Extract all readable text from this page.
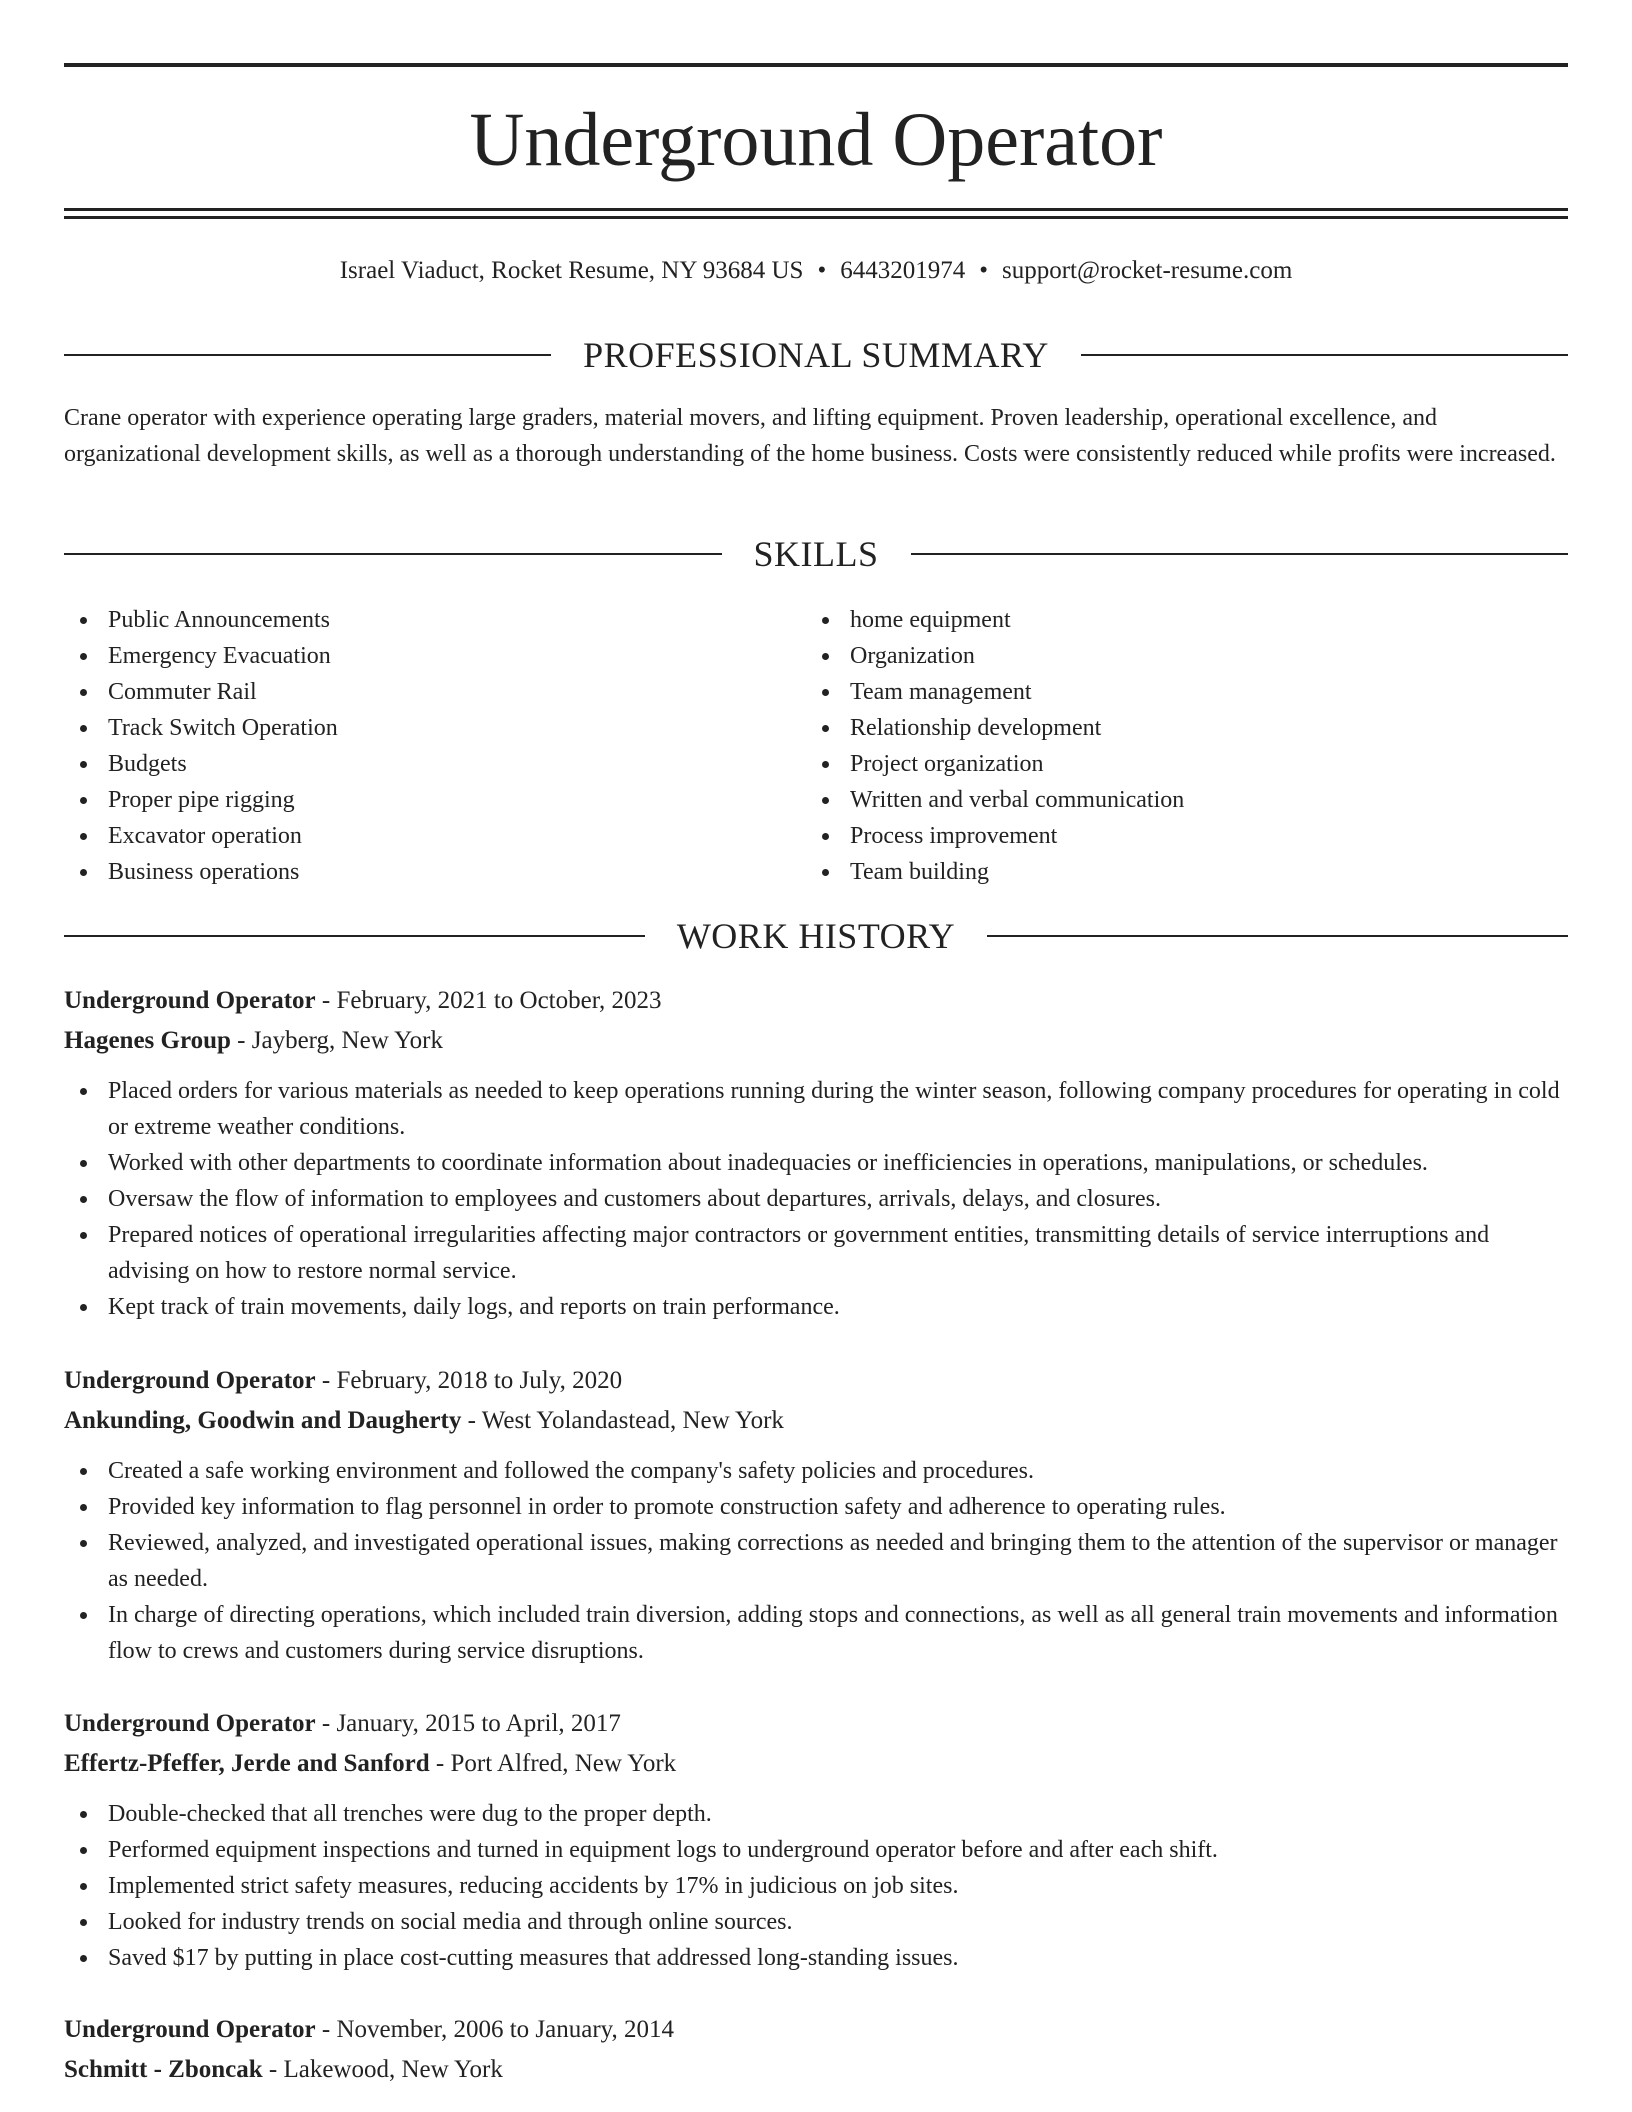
Underground Operator
Israel Viaduct, Rocket Resume, NY 93684 US • 6443201974 • support@rocket-resume.com
PROFESSIONAL SUMMARY

Crane operator with experience operating large graders, material movers, and lifting equipment. Proven leadership, operational excellence, and organizational development skills, as well as a thorough understanding of the home business. Costs were consistently reduced while profits were increased.

SKILLS
Public Announcements
Emergency Evacuation
Commuter Rail
Track Switch Operation
Budgets
Proper pipe rigging
Excavator operation
Business operations
home equipment
Organization
Team management
Relationship development
Project organization
Written and verbal communication
Process improvement
Team building
WORK HISTORY
Underground Operator - February, 2021 to October, 2023
Hagenes Group - Jayberg, New York
Placed orders for various materials as needed to keep operations running during the winter season, following company procedures for operating in cold or extreme weather conditions.
Worked with other departments to coordinate information about inadequacies or inefficiencies in operations, manipulations, or schedules.
Oversaw the flow of information to employees and customers about departures, arrivals, delays, and closures.
Prepared notices of operational irregularities affecting major contractors or government entities, transmitting details of service interruptions and advising on how to restore normal service.
Kept track of train movements, daily logs, and reports on train performance.
Underground Operator - February, 2018 to July, 2020
Ankunding, Goodwin and Daugherty - West Yolandastead, New York
Created a safe working environment and followed the company's safety policies and procedures.
Provided key information to flag personnel in order to promote construction safety and adherence to operating rules.
Reviewed, analyzed, and investigated operational issues, making corrections as needed and bringing them to the attention of the supervisor or manager as needed.
In charge of directing operations, which included train diversion, adding stops and connections, as well as all general train movements and information flow to crews and customers during service disruptions.
Underground Operator - January, 2015 to April, 2017
Effertz-Pfeffer, Jerde and Sanford - Port Alfred, New York
Double-checked that all trenches were dug to the proper depth.
Performed equipment inspections and turned in equipment logs to underground operator before and after each shift.
Implemented strict safety measures, reducing accidents by 17% in judicious on job sites.
Looked for industry trends on social media and through online sources.
Saved $17 by putting in place cost-cutting measures that addressed long-standing issues.
Underground Operator - November, 2006 to January, 2014
Schmitt - Zboncak - Lakewood, New York
